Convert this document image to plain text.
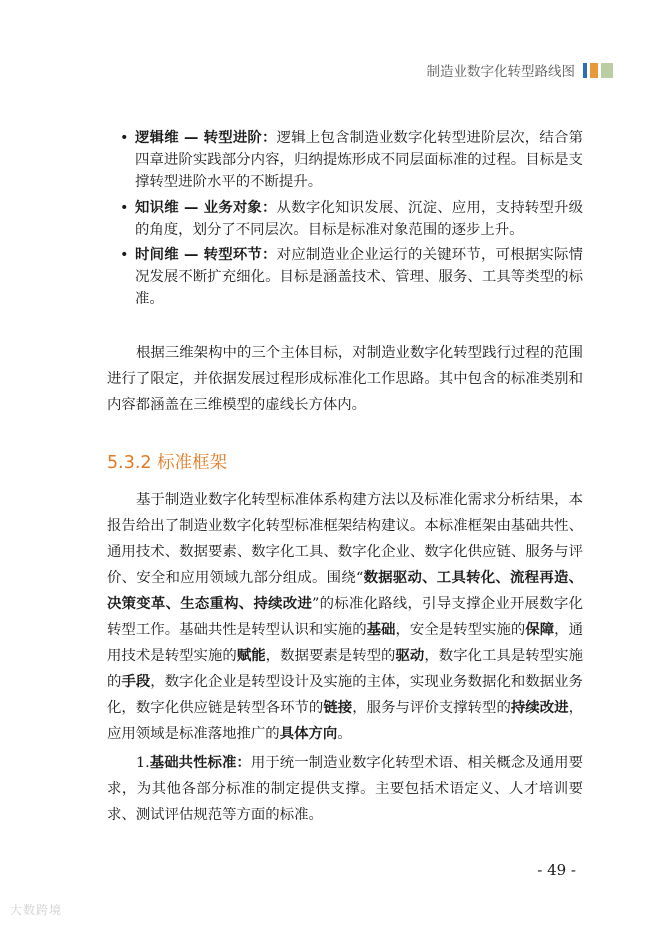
制造业数字化转型路线图
• 逻辑维 — 转型进阶：逻辑上包含制造业数字化转型进阶层次，结合第四章进阶实践部分内容，归纳提炼形成不同层面标准的过程。目标是支撑转型进阶水平的不断提升。
• 知识维 — 业务对象：从数字化知识发展、沉淀、应用，支持转型升级的角度，划分了不同层次。目标是标准对象范围的逐步上升。
• 时间维 — 转型环节：对应制造业企业运行的关键环节，可根据实际情况发展不断扩充细化。目标是涵盖技术、管理、服务、工具等类型的标准。

根据三维架构中的三个主体目标，对制造业数字化转型践行过程的范围进行了限定，并依据发展过程形成标准化工作思路。其中包含的标准类别和内容都涵盖在三维模型的虚线长方体内。

5.3.2 标准框架

基于制造业数字化转型标准体系构建方法以及标准化需求分析结果，本报告给出了制造业数字化转型标准框架结构建议。本标准框架由基础共性、通用技术、数据要素、数字化工具、数字化企业、数字化供应链、服务与评价、安全和应用领域九部分组成。围绕“数据驱动、工具转化、流程再造、决策变革、生态重构、持续改进”的标准化路线，引导支撑企业开展数字化转型工作。基础共性是转型认识和实施的基础，安全是转型实施的保障，通用技术是转型实施的赋能，数据要素是转型的驱动，数字化工具是转型实施的手段，数字化企业是转型设计及实施的主体，实现业务数据化和数据业务化，数字化供应链是转型各环节的链接，服务与评价支撑转型的持续改进，应用领域是标准落地推广的具体方向。

1.基础共性标准：用于统一制造业数字化转型术语、相关概念及通用要求，为其他各部分标准的制定提供支撑。主要包括术语定义、人才培训要求、测试评估规范等方面的标准。

- 49 -
大数跨境
